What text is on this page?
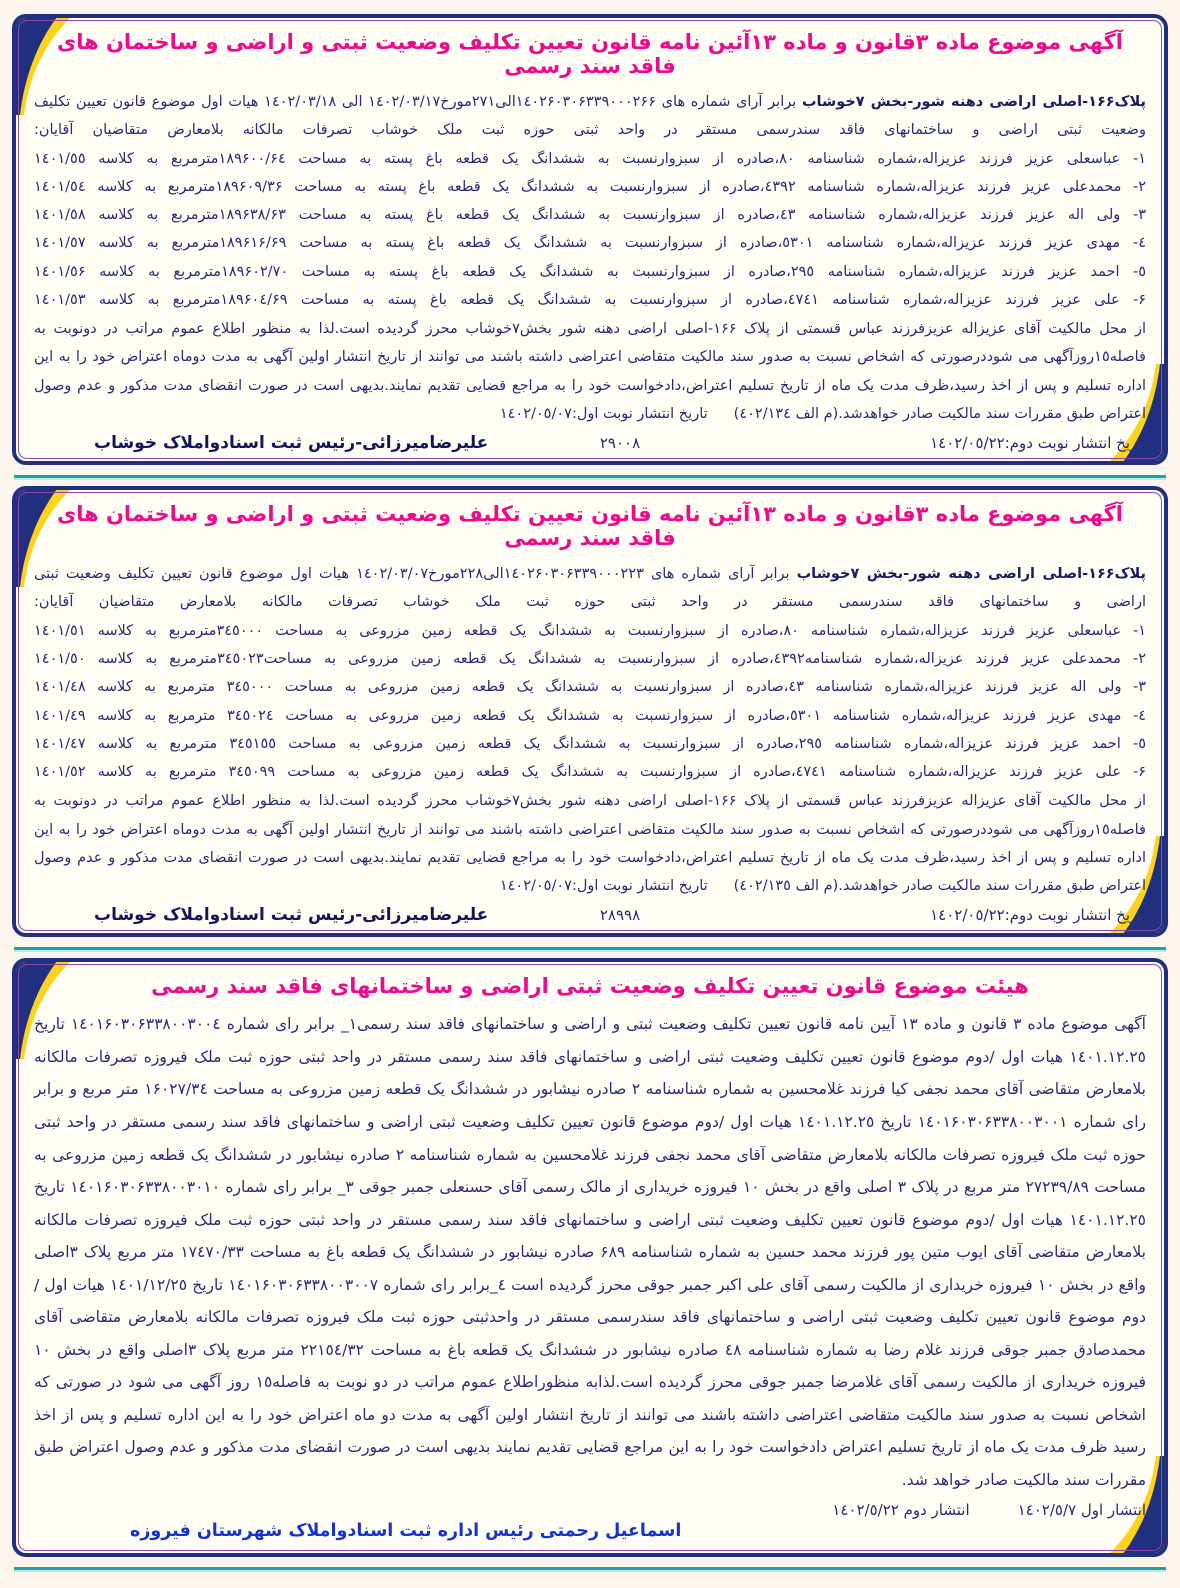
آگهی موضوع ماده ٣قانون و ماده ١٣آئین نامه قانون تعیین تکلیف وضعیت ثبتی و اراضی و ساختمان های فاقد سند رسمی

پلاک١۶۶-اصلی اراضی دهنه شور-بخش ٧خوشاب برابر آرای شماره های ١٤٠٢۶٠٣٠۶٣٣٩٠٠٠٢۶۶الی٢٧١مورخ١٤٠٢/٠٣/١٧ الی ١٤٠٢/٠٣/١٨ هیات اول موضوع قانون تعیین تکلیف وضعیت ثبتی اراضی و ساختمانهای فاقد سندرسمی مستقر در واحد ثبتی حوزه ثبت ملک خوشاب تصرفات مالکانه بلامعارض متقاضیان آقایان:

١- عباسعلی عزیز فرزند عزیزاله،شماره شناسنامه ٨٠،صادره از سبزوارنسبت به ششدانگ یک قطعه باغ پسته به مساحت ١٨٩۶٠٠/۶٤مترمربع به کلاسه ١٤٠١/٥٥

٢- محمدعلی عزیز فرزند عزیزاله،شماره شناسنامه ٤٣٩٢،صادره از سبزوارنسبت به ششدانگ یک قطعه باغ پسته به مساحت ١٨٩۶٠٩/٣۶مترمربع به کلاسه ١٤٠١/٥٤

٣- ولی اله عزیز فرزند عزیزاله،شماره شناسنامه ٤٣،صادره از سبزوارنسبت به ششدانگ یک قطعه باغ پسته به مساحت ١٨٩۶٣٨/۶٣مترمربع به کلاسه ١٤٠١/٥٨

٤- مهدی عزیز فرزند عزیزاله،شماره شناسنامه ٥٣٠١،صادره از سبزوارنسبت به ششدانگ یک قطعه باغ پسته به مساحت ١٨٩۶١۶/۶٩مترمربع به کلاسه ١٤٠١/٥٧

٥- احمد عزیز فرزند عزیزاله،شماره شناسنامه ٢٩٥،صادره از سبزوارنسبت به ششدانگ یک قطعه باغ پسته به مساحت ١٨٩۶٠٢/٧٠مترمربع به کلاسه ١٤٠١/٥۶

۶- علی عزیز فرزند عزیزاله،شماره شناسنامه ٤٧٤١،صادره از سبزوارنسبت به ششدانگ یک قطعه باغ پسته به مساحت ١٨٩۶٠٤/۶٩مترمربع به کلاسه ١٤٠١/٥٣

از محل مالکیت آقای عزیزاله عزیزفرزند عباس قسمتی از پلاک ١۶۶-اصلی اراضی دهنه شور بخش٧خوشاب محرز گردیده است.لذا به منظور اطلاع عموم مراتب در دونوبت به فاصله١٥روزآگهی می شوددرصورتی که اشخاص نسبت به صدور سند مالکیت متقاضی اعتراضی داشته باشند می توانند از تاریخ انتشار اولین آگهی به مدت دوماه اعتراض خود را به این اداره تسلیم و پس از اخذ رسید،ظرف مدت یک ماه از تاریخ تسلیم اعتراض،دادخواست خود را به مراجع قضایی تقدیم نمایند.بدیهی است در صورت انقضای مدت مذکور و عدم وصول اعتراض طبق مقررات سند مالکیت صادر خواهدشد.(م الف ٤٠٢/١٣٤)تاریخ انتشار نوبت اول:١٤٠٢/٠٥/٠٧

تاریخ انتشار نوبت دوم:١٤٠٢/٠٥/٢٢
٢٩٠٠٨
علیرضامیرزائی-رئیس ثبت اسنادواملاک خوشاب
آگهی موضوع ماده ٣قانون و ماده ١٣آئین نامه قانون تعیین تکلیف وضعیت ثبتی و اراضی و ساختمان های فاقد سند رسمی

پلاک١۶۶-اصلی اراضی دهنه شور-بخش ٧خوشاب برابر آرای شماره های ١٤٠٢۶٠٣٠۶٣٣٩٠٠٠٢٢٣الی٢٢٨مورخ١٤٠٢/٠٣/٠٧ هیات اول موضوع قانون تعیین تکلیف وضعیت ثبتی اراضی و ساختمانهای فاقد سندرسمی مستقر در واحد ثبتی حوزه ثبت ملک خوشاب تصرفات مالکانه بلامعارض متقاضیان آقایان:

١- عباسعلی عزیز فرزند عزیزاله،شماره شناسنامه ٨٠،صادره از سبزوارنسبت به ششدانگ یک قطعه زمین مزروعی به مساحت ٣٤٥٠٠٠مترمربع به کلاسه ١٤٠١/٥١

٢- محمدعلی عزیز فرزند عزیزاله،شماره شناسنامه٤٣٩٢،صادره از سبزوارنسبت به ششدانگ یک قطعه زمین مزروعی به مساحت٣٤٥٠٢٣مترمربع به کلاسه ١٤٠١/٥٠

٣- ولی اله عزیز فرزند عزیزاله،شماره شناسنامه ٤٣،صادره از سبزوارنسبت به ششدانگ یک قطعه زمین مزروعی به مساحت ٣٤٥٠٠٠ مترمربع به کلاسه ١٤٠١/٤٨

٤- مهدی عزیز فرزند عزیزاله،شماره شناسنامه ٥٣٠١،صادره از سبزوارنسبت به ششدانگ یک قطعه زمین مزروعی به مساحت ٣٤٥٠٢٤ مترمربع به کلاسه ١٤٠١/٤٩

٥- احمد عزیز فرزند عزیزاله،شماره شناسنامه ٢٩٥،صادره از سبزوارنسبت به ششدانگ یک قطعه زمین مزروعی به مساحت ٣٤٥١٥٥ مترمربع به کلاسه ١٤٠١/٤٧

۶- علی عزیز فرزند عزیزاله،شماره شناسنامه ٤٧٤١،صادره از سبزوارنسبت به ششدانگ یک قطعه زمین مزروعی به مساحت ٣٤٥٠٩٩ مترمربع به کلاسه ١٤٠١/٥٢

از محل مالکیت آقای عزیزاله عزیزفرزند عباس قسمتی از پلاک ١۶۶-اصلی اراضی دهنه شور بخش٧خوشاب محرز گردیده است.لذا به منظور اطلاع عموم مراتب در دونوبت به فاصله١٥روزآگهی می شوددرصورتی که اشخاص نسبت به صدور سند مالکیت متقاضی اعتراضی داشته باشند می توانند از تاریخ انتشار اولین آگهی به مدت دوماه اعتراض خود را به این اداره تسلیم و پس از اخذ رسید،ظرف مدت یک ماه از تاریخ تسلیم اعتراض،دادخواست خود را به مراجع قضایی تقدیم نمایند.بدیهی است در صورت انقضای مدت مذکور و عدم وصول اعتراض طبق مقررات سند مالکیت صادر خواهدشد.(م الف ٤٠٢/١٣٥)تاریخ انتشار نوبت اول:١٤٠٢/٠٥/٠٧

تاریخ انتشار نوبت دوم:١٤٠٢/٠٥/٢٢
٢٨٩٩٨
علیرضامیرزائی-رئیس ثبت اسنادواملاک خوشاب
هیئت موضوع قانون تعیین تکلیف وضعیت ثبتی اراضی و ساختمانهای فاقد سند رسمی

آگهی موضوع ماده ٣ قانون و ماده ١٣ آیین نامه قانون تعیین تکلیف وضعیت ثبتی و اراضی و ساختمانهای فاقد سند رسمی١_ برابر رای شماره ١٤٠١۶٠٣٠۶٣٣٨٠٠٣٠٠٤ تاریخ ١٤٠١.١٢.٢٥ هیات اول /دوم موضوع قانون تعیین تکلیف وضعیت ثبتی اراضی و ساختمانهای فاقد سند رسمی مستقر در واحد ثبتی حوزه ثبت ملک فیروزه تصرفات مالکانه بلامعارض متقاضی آقای محمد نجفی کیا فرزند غلامحسین به شماره شناسنامه ٢ صادره نیشابور در ششدانگ یک قطعه زمین مزروعی به مساحت ١۶٠٢٧/٣٤ متر مربع و برابر رای شماره ١٤٠١۶٠٣٠۶٣٣٨٠٠٣٠٠١ تاریخ ١٤٠١.١٢.٢٥ هیات اول /دوم موضوع قانون تعیین تکلیف وضعیت ثبتی اراضی و ساختمانهای فاقد سند رسمی مستقر در واحد ثبتی حوزه ثبت ملک فیروزه تصرفات مالکانه بلامعارض متقاضی آقای محمد نجفی فرزند غلامحسین به شماره شناسنامه ٢ صادره نیشابور در ششدانگ یک قطعه زمین مزروعی به مساحت ٢٧٢٣٩/٨٩ متر مربع در پلاک ٣ اصلی واقع در بخش ١٠ فیروزه خریداری از مالک رسمی آقای حسنعلی جمبر جوقی ٣_ برابر رای شماره ١٤٠١۶٠٣٠۶٣٣٨٠٠٣٠١٠ تاریخ ١٤٠١.١٢.٢٥ هیات اول /دوم موضوع قانون تعیین تکلیف وضعیت ثبتی اراضی و ساختمانهای فاقد سند رسمی مستقر در واحد ثبتی حوزه ثبت ملک فیروزه تصرفات مالکانه بلامعارض متقاضی آقای ایوب متین پور فرزند محمد حسین به شماره شناسنامه ۶٨٩ صادره نیشابور در ششدانگ یک قطعه باغ به مساحت ١٧٤٧٠/٣٣ متر مربع پلاک ٣اصلی واقع در بخش ١٠ فیروزه خریداری از مالکیت رسمی آقای علی اکبر جمبر جوقی محرز گردیده است ٤_برابر رای شماره ١٤٠١۶٠٣٠۶٣٣٨٠٠٣٠٠٧ تاریخ ١٤٠١/١٢/٢٥ هیات اول /دوم موضوع قانون تعیین تکلیف وضعیت ثبتی اراضی و ساختمانهای فاقد سندرسمی مستقر در واحدثبتی حوزه ثبت ملک فیروزه تصرفات مالکانه بلامعارض متقاضی آقای محمدصادق جمبر جوقی فرزند غلام رضا به شماره شناسنامه ٤٨ صادره نیشابور در ششدانگ یک قطعه باغ به مساحت ٢٢١٥٤/٣٢ متر مربع پلاک ٣اصلی واقع در بخش ١٠ فیروزه خریداری از مالکیت رسمی آقای غلامرضا جمبر جوقی محرز گردیده است.لذابه منظوراطلاع عموم مراتب در دو نوبت به فاصله١٥ روز آگهی می شود در صورتی که اشخاص نسبت به صدور سند مالکیت متقاضی اعتراضی داشته باشند می توانند از تاریخ انتشار اولین آگهی به مدت دو ماه اعتراض خود را به این اداره تسلیم و پس از اخذ رسید ظرف مدت یک ماه از تاریخ تسلیم اعتراض دادخواست خود را به این مراجع قضایی تقدیم نمایند بدیهی است در صورت انقضای مدت مذکور و عدم وصول اعتراض طبق مقررات سند مالکیت صادر خواهد شد.

انتشار اول ١٤٠٢/٥/٧
انتشار دوم ١٤٠٢/٥/٢٢
اسماعیل رحمتی رئیس اداره ثبت اسنادواملاک شهرستان فیروزه
